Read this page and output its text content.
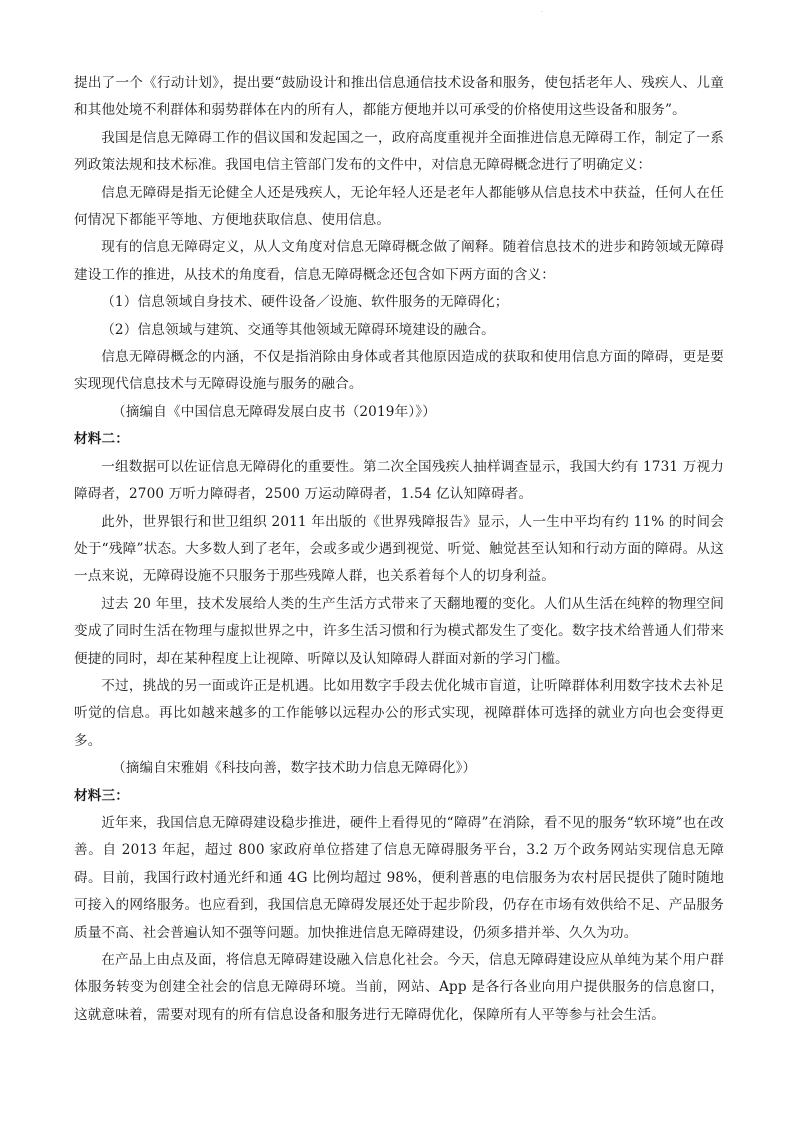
·

提出了一个《行动计划》，提出要“鼓励设计和推出信息通信技术设备和服务，使包括老年人、残疾人、儿童和其他处境不利群体和弱势群体在内的所有人，都能方便地并以可承受的价格使用这些设备和服务”。

我国是信息无障碍工作的倡议国和发起国之一，政府高度重视并全面推进信息无障碍工作，制定了一系列政策法规和技术标准。我国电信主管部门发布的文件中，对信息无障碍概念进行了明确定义：

信息无障碍是指无论健全人还是残疾人，无论年轻人还是老年人都能够从信息技术中获益，任何人在任何情况下都能平等地、方便地获取信息、使用信息。

现有的信息无障碍定义，从人文角度对信息无障碍概念做了阐释。随着信息技术的进步和跨领域无障碍建设工作的推进，从技术的角度看，信息无障碍概念还包含如下两方面的含义：

（1）信息领域自身技术、硬件设备／设施、软件服务的无障碍化；

（2）信息领域与建筑、交通等其他领域无障碍环境建设的融合。

信息无障碍概念的内涵，不仅是指消除由身体或者其他原因造成的获取和使用信息方面的障碍，更是要实现现代信息技术与无障碍设施与服务的融合。

（摘编自《中国信息无障碍发展白皮书（2019年）》）

材料二：

一组数据可以佐证信息无障碍化的重要性。第二次全国残疾人抽样调查显示，我国大约有 1731 万视力障碍者，2700 万听力障碍者，2500 万运动障碍者，1.54 亿认知障碍者。

此外，世界银行和世卫组织 2011 年出版的《世界残障报告》显示，人一生中平均有约 11% 的时间会处于“残障”状态。大多数人到了老年，会或多或少遇到视觉、听觉、触觉甚至认知和行动方面的障碍。从这一点来说，无障碍设施不只服务于那些残障人群，也关系着每个人的切身利益。

过去 20 年里，技术发展给人类的生产生活方式带来了天翻地覆的变化。人们从生活在纯粹的物理空间变成了同时生活在物理与虚拟世界之中，许多生活习惯和行为模式都发生了变化。数字技术给普通人们带来便捷的同时，却在某种程度上让视障、听障以及认知障碍人群面对新的学习门槛。

不过，挑战的另一面或许正是机遇。比如用数字手段去优化城市盲道，让听障群体利用数字技术去补足听觉的信息。再比如越来越多的工作能够以远程办公的形式实现，视障群体可选择的就业方向也会变得更多。

（摘编自宋雅娟《科技向善，数字技术助力信息无障碍化》）

材料三：

近年来，我国信息无障碍建设稳步推进，硬件上看得见的“障碍”在消除，看不见的服务“软环境”也在改善。自 2013 年起，超过 800 家政府单位搭建了信息无障碍服务平台，3.2 万个政务网站实现信息无障碍。目前，我国行政村通光纤和通 4G 比例均超过 98%，便利普惠的电信服务为农村居民提供了随时随地可接入的网络服务。也应看到，我国信息无障碍发展还处于起步阶段，仍存在市场有效供给不足、产品服务质量不高、社会普遍认知不强等问题。加快推进信息无障碍建设，仍须多措并举、久久为功。

在产品上由点及面，将信息无障碍建设融入信息化社会。今天，信息无障碍建设应从单纯为某个用户群体服务转变为创建全社会的信息无障碍环境。当前，网站、App 是各行各业向用户提供服务的信息窗口，这就意味着，需要对现有的所有信息设备和服务进行无障碍优化，保障所有人平等参与社会生活。
